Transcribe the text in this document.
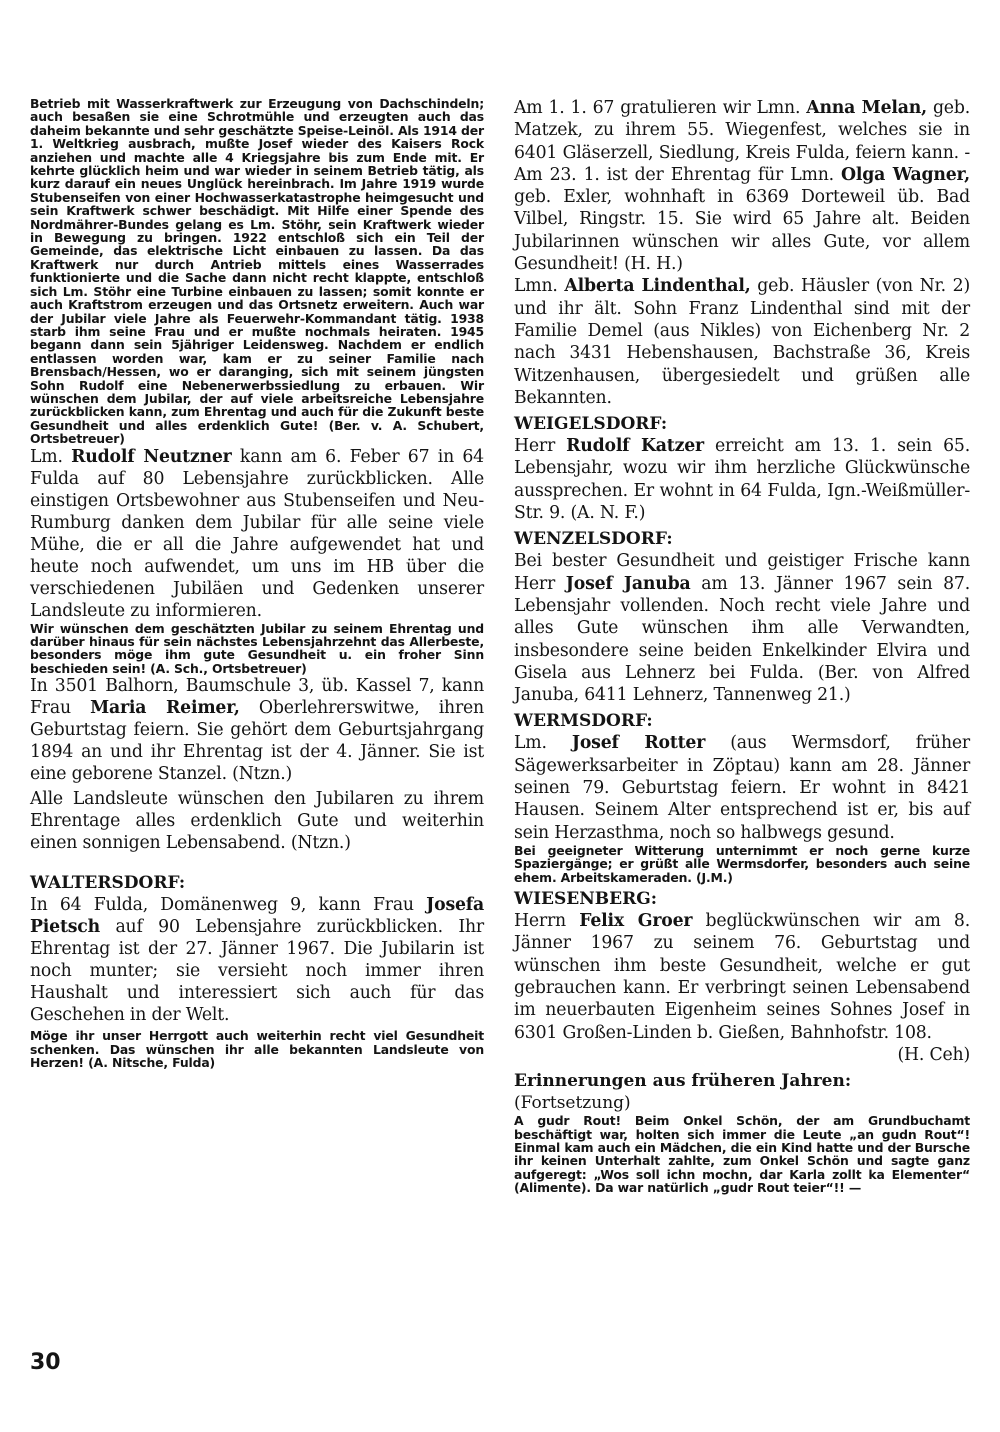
Betrieb mit Wasserkraftwerk zur Erzeugung von Dachschindeln; auch besaßen sie eine Schrotmühle und erzeugten auch das daheim bekannte und sehr geschätzte Speise-Leinöl. Als 1914 der 1. Weltkrieg ausbrach, mußte Josef wieder des Kaisers Rock anziehen und machte alle 4 Kriegsjahre bis zum Ende mit. Er kehrte glücklich heim und war wieder in seinem Betrieb tätig, als kurz darauf ein neues Unglück hereinbrach. Im Jahre 1919 wurde Stubenseifen von einer Hochwasserkatastrophe heimgesucht und sein Kraftwerk schwer beschädigt. Mit Hilfe einer Spende des Nordmährer-Bundes gelang es Lm. Stöhr, sein Kraftwerk wieder in Bewegung zu bringen. 1922 entschloß sich ein Teil der Gemeinde, das elektrische Licht einbauen zu lassen. Da das Kraftwerk nur durch Antrieb mittels eines Wasserrades funktionierte und die Sache dann nicht recht klappte, entschloß sich Lm. Stöhr eine Turbine einbauen zu lassen; somit konnte er auch Kraftstrom erzeugen und das Ortsnetz erweitern. Auch war der Jubilar viele Jahre als Feuerwehr-Kommandant tätig. 1938 starb ihm seine Frau und er mußte nochmals heiraten. 1945 begann dann sein 5jähriger Leidensweg. Nachdem er endlich entlassen worden war, kam er zu seiner Familie nach Brensbach/Hessen, wo er daranging, sich mit seinem jüngsten Sohn Rudolf eine Nebenerwerbssiedlung zu erbauen. Wir wünschen dem Jubilar, der auf viele arbeitsreiche Lebensjahre zurückblicken kann, zum Ehrentag und auch für die Zukunft beste Gesundheit und alles erdenklich Gute! (Ber. v. A. Schubert, Ortsbetreuer)

Lm. Rudolf Neutzner kann am 6. Feber 67 in 64 Fulda auf 80 Lebensjahre zurückblicken. Alle einstigen Ortsbewohner aus Stubenseifen und Neu-Rumburg danken dem Jubilar für alle seine viele Mühe, die er all die Jahre aufgewendet hat und heute noch aufwendet, um uns im HB über die verschiedenen Jubiläen und Gedenken unserer Landsleute zu informieren.

Wir wünschen dem geschätzten Jubilar zu seinem Ehrentag und darüber hinaus für sein nächstes Lebensjahrzehnt das Allerbeste, besonders möge ihm gute Gesundheit u. ein froher Sinn beschieden sein! (A. Sch., Ortsbetreuer)

In 3501 Balhorn, Baumschule 3, üb. Kassel 7, kann Frau Maria Reimer, Oberlehrerswitwe, ihren Geburtstag feiern. Sie gehört dem Geburtsjahrgang 1894 an und ihr Ehrentag ist der 4. Jänner. Sie ist eine geborene Stanzel. (Ntzn.)

Alle Landsleute wünschen den Jubilaren zu ihrem Ehrentage alles erdenklich Gute und weiterhin einen sonnigen Lebensabend. (Ntzn.)

WALTERSDORF:

In 64 Fulda, Domänenweg 9, kann Frau Josefa Pietsch auf 90 Lebensjahre zurückblicken. Ihr Ehrentag ist der 27. Jänner 1967. Die Jubilarin ist noch munter; sie versieht noch immer ihren Haushalt und interessiert sich auch für das Geschehen in der Welt.

Möge ihr unser Herrgott auch weiterhin recht viel Gesundheit schenken. Das wünschen ihr alle bekannten Landsleute von Herzen! (A. Nitsche, Fulda)

Am 1. 1. 67 gratulieren wir Lmn. Anna Melan, geb. Matzek, zu ihrem 55. Wiegenfest, welches sie in 6401 Gläserzell, Siedlung, Kreis Fulda, feiern kann. - Am 23. 1. ist der Ehrentag für Lmn. Olga Wagner, geb. Exler, wohnhaft in 6369 Dorteweil üb. Bad Vilbel, Ringstr. 15. Sie wird 65 Jahre alt. Beiden Jubilarinnen wünschen wir alles Gute, vor allem Gesundheit! (H. H.)

Lmn. Alberta Lindenthal, geb. Häusler (von Nr. 2) und ihr ält. Sohn Franz Lindenthal sind mit der Familie Demel (aus Nikles) von Eichenberg Nr. 2 nach 3431 Hebenshausen, Bachstraße 36, Kreis Witzenhausen, übergesiedelt und grüßen alle Bekannten.

WEIGELSDORF:

Herr Rudolf Katzer erreicht am 13. 1. sein 65. Lebensjahr, wozu wir ihm herzliche Glückwünsche aussprechen. Er wohnt in 64 Fulda, Ign.-Weißmüller-Str. 9. (A. N. F.)

WENZELSDORF:

Bei bester Gesundheit und geistiger Frische kann Herr Josef Januba am 13. Jänner 1967 sein 87. Lebensjahr vollenden. Noch recht viele Jahre und alles Gute wünschen ihm alle Verwandten, insbesondere seine beiden Enkelkinder Elvira und Gisela aus Lehnerz bei Fulda. (Ber. von Alfred Januba, 6411 Lehnerz, Tannenweg 21.)

WERMSDORF:

Lm. Josef Rotter (aus Wermsdorf, früher Sägewerksarbeiter in Zöptau) kann am 28. Jänner seinen 79. Geburtstag feiern. Er wohnt in 8421 Hausen. Seinem Alter entsprechend ist er, bis auf sein Herzasthma, noch so halbwegs gesund.

Bei geeigneter Witterung unternimmt er noch gerne kurze Spaziergänge; er grüßt alle Wermsdorfer, besonders auch seine ehem. Arbeitskameraden. (J.M.)

WIESENBERG:

Herrn Felix Groer beglückwünschen wir am 8. Jänner 1967 zu seinem 76. Geburtstag und wünschen ihm beste Gesundheit, welche er gut gebrauchen kann. Er verbringt seinen Lebensabend im neuerbauten Eigenheim seines Sohnes Josef in 6301 Großen-Linden b. Gießen, Bahnhofstr. 108.

(H. Ceh)

Erinnerungen aus früheren Jahren:
(Fortsetzung)

A gudr Rout! Beim Onkel Schön, der am Grundbuchamt beschäftigt war, holten sich immer die Leute „an gudn Rout“! Einmal kam auch ein Mädchen, die ein Kind hatte und der Bursche ihr keinen Unterhalt zahlte, zum Onkel Schön und sagte ganz aufgeregt: „Wos soll ichn mochn, dar Karla zollt ka Elementer“ (Alimente). Da war natürlich „gudr Rout teier“!! —

30
